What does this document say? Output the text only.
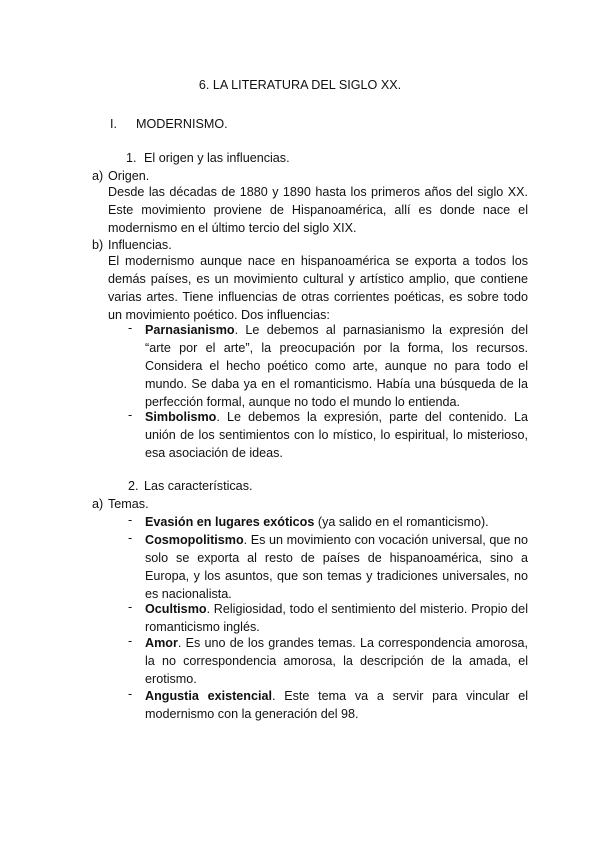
6. LA LITERATURA DEL SIGLO XX.
I. MODERNISMO.
1. El origen y las influencias.
a) Origen.
Desde las décadas de 1880 y 1890 hasta los primeros años del siglo XX. Este movimiento proviene de Hispanoamérica, allí es donde nace el modernismo en el último tercio del siglo XIX.
b) Influencias.
El modernismo aunque nace en hispanoamérica se exporta a todos los demás países, es un movimiento cultural y artístico amplio, que contiene varias artes. Tiene influencias de otras corrientes poéticas, es sobre todo un movimiento poético. Dos influencias:
- Parnasianismo. Le debemos al parnasianismo la expresión del “arte por el arte”, la preocupación por la forma, los recursos. Considera el hecho poético como arte, aunque no para todo el mundo. Se daba ya en el romanticismo. Había una búsqueda de la perfección formal, aunque no todo el mundo lo entienda.
- Simbolismo. Le debemos la expresión, parte del contenido. La unión de los sentimientos con lo místico, lo espiritual, lo misterioso, esa asociación de ideas.
2. Las características.
a) Temas.
- Evasión en lugares exóticos (ya salido en el romanticismo).
- Cosmopolitismo. Es un movimiento con vocación universal, que no solo se exporta al resto de países de hispanoamérica, sino a Europa, y los asuntos, que son temas y tradiciones universales, no es nacionalista.
- Ocultismo. Religiosidad, todo el sentimiento del misterio. Propio del romanticismo inglés.
- Amor. Es uno de los grandes temas. La correspondencia amorosa, la no correspondencia amorosa, la descripción de la amada, el erotismo.
- Angustia existencial. Este tema va a servir para vincular el modernismo con la generación del 98.
